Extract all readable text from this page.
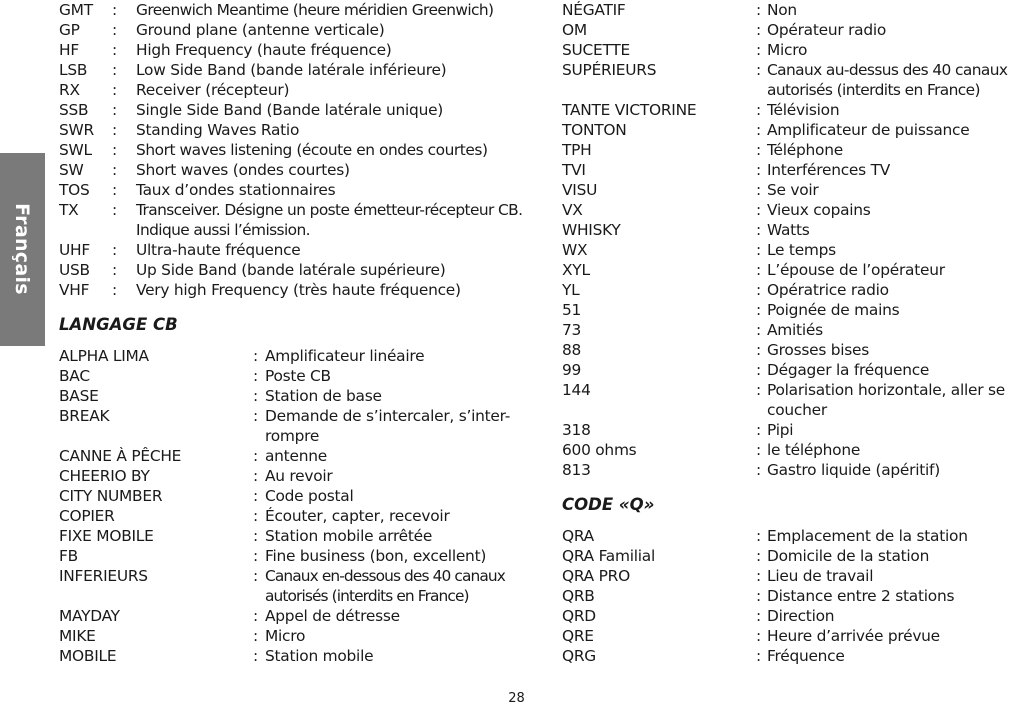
Français
GMT	:	Greenwich Meantime (heure méridien Greenwich)
GP	:	Ground plane (antenne verticale)
HF	:	High Frequency (haute fréquence)
LSB	:	Low Side Band (bande latérale inférieure)
RX	:	Receiver (récepteur)
SSB	:	Single Side Band (Bande latérale unique)
SWR	:	Standing Waves Ratio
SWL	:	Short waves listening (écoute en ondes courtes)
SW	:	Short waves (ondes courtes)
TOS	:	Taux d’ondes stationnaires
TX	:	Transceiver. Désigne un poste émetteur-récepteur CB. Indique aussi l’émission.
UHF	:	Ultra-haute fréquence
USB	:	Up Side Band (bande latérale supérieure)
VHF	:	Very high Frequency (très haute fréquence)
LANGAGE CB
ALPHA LIMA	: Amplificateur linéaire
BAC	: Poste CB
BASE	: Station de base
BREAK	: Demande de s’intercaler, s’inter-rompre
CANNE À PÊCHE	: antenne
CHEERIO BY	: Au revoir
CITY NUMBER	: Code postal
COPIER	: Écouter, capter, recevoir
FIXE MOBILE	: Station mobile arrêtée
FB	: Fine business (bon, excellent)
INFERIEURS	: Canaux en-dessous des 40 canaux autorisés (interdits en France)
MAYDAY	: Appel de détresse
MIKE	: Micro
MOBILE	: Station mobile
NÉGATIF	: Non
OM	: Opérateur radio
SUCETTE	: Micro
SUPÉRIEURS	: Canaux au-dessus des 40 canaux autorisés (interdits en France)
TANTE VICTORINE	: Télévision
TONTON	: Amplificateur de puissance
TPH	: Téléphone
TVI	: Interférences TV
VISU	: Se voir
VX	: Vieux copains
WHISKY	: Watts
WX	: Le temps
XYL	: L’épouse de l’opérateur
YL	: Opératrice radio
51	: Poignée de mains
73	: Amitiés
88	: Grosses bises
99	: Dégager la fréquence
144	: Polarisation horizontale, aller se coucher
318	: Pipi
600 ohms	: le téléphone
813	: Gastro liquide (apéritif)
CODE «Q»
QRA	: Emplacement de la station
QRA Familial	: Domicile de la station
QRA PRO	: Lieu de travail
QRB	: Distance entre 2 stations
QRD	: Direction
QRE	: Heure d’arrivée prévue
QRG	: Fréquence
28
